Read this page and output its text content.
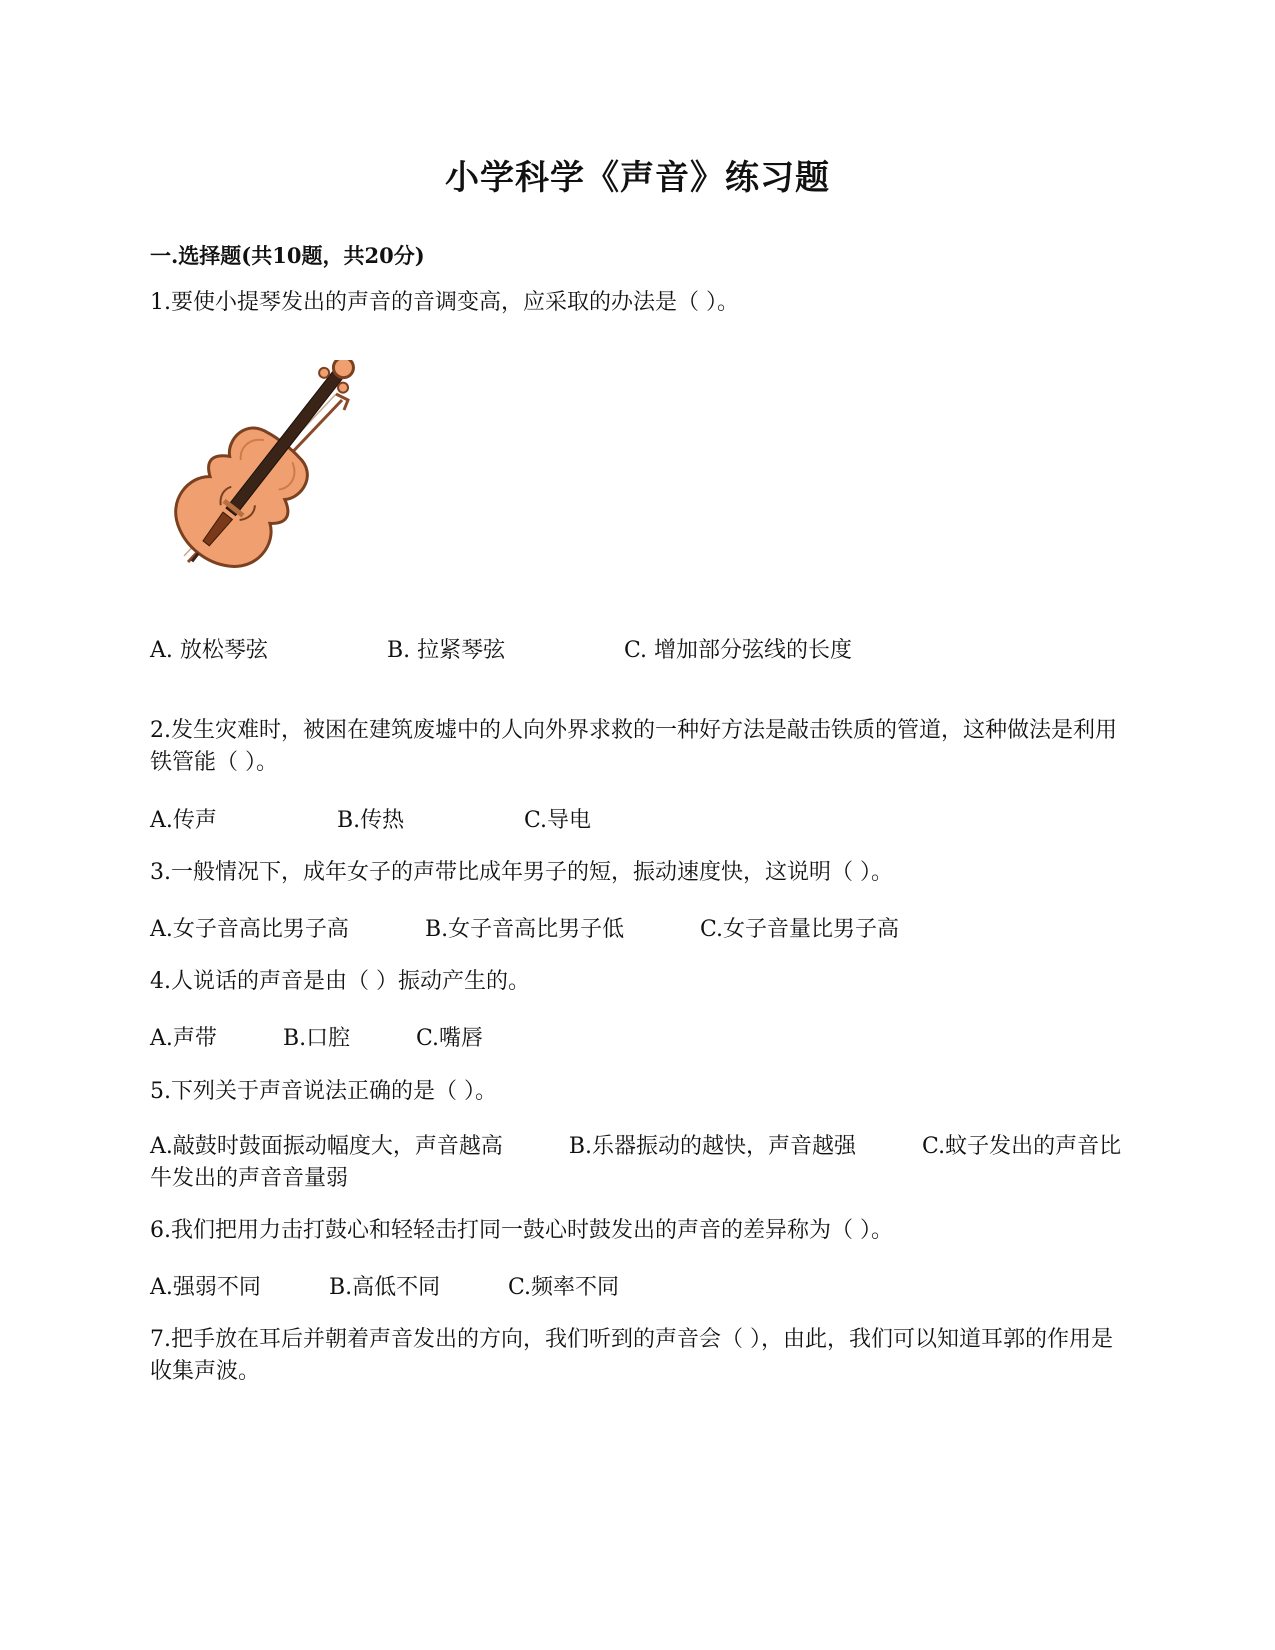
小学科学《声音》练习题
一.选择题(共10题，共20分)
1.要使小提琴发出的声音的音调变高，应采取的办法是（ ）。
A. 放松琴弦	B. 拉紧琴弦	C. 增加部分弦线的长度
2.发生灾难时，被困在建筑废墟中的人向外界求救的一种好方法是敲击铁质的管道，这种做法是利用铁管能（ ）。
A.传声	B.传热	C.导电
3.一般情况下，成年女子的声带比成年男子的短，振动速度快，这说明（ ）。
A.女子音高比男子高	B.女子音高比男子低	C.女子音量比男子高
4.人说话的声音是由（ ）振动产生的。
A.声带	B.口腔	C.嘴唇
5.下列关于声音说法正确的是（ ）。
A.敲鼓时鼓面振动幅度大，声音越高　　　B.乐器振动的越快，声音越强　　　C.蚊子发出的声音比牛发出的声音音量弱
6.我们把用力击打鼓心和轻轻击打同一鼓心时鼓发出的声音的差异称为（ ）。
A.强弱不同	B.高低不同	C.频率不同
7.把手放在耳后并朝着声音发出的方向，我们听到的声音会（ ），由此，我们可以知道耳郭的作用是收集声波。
